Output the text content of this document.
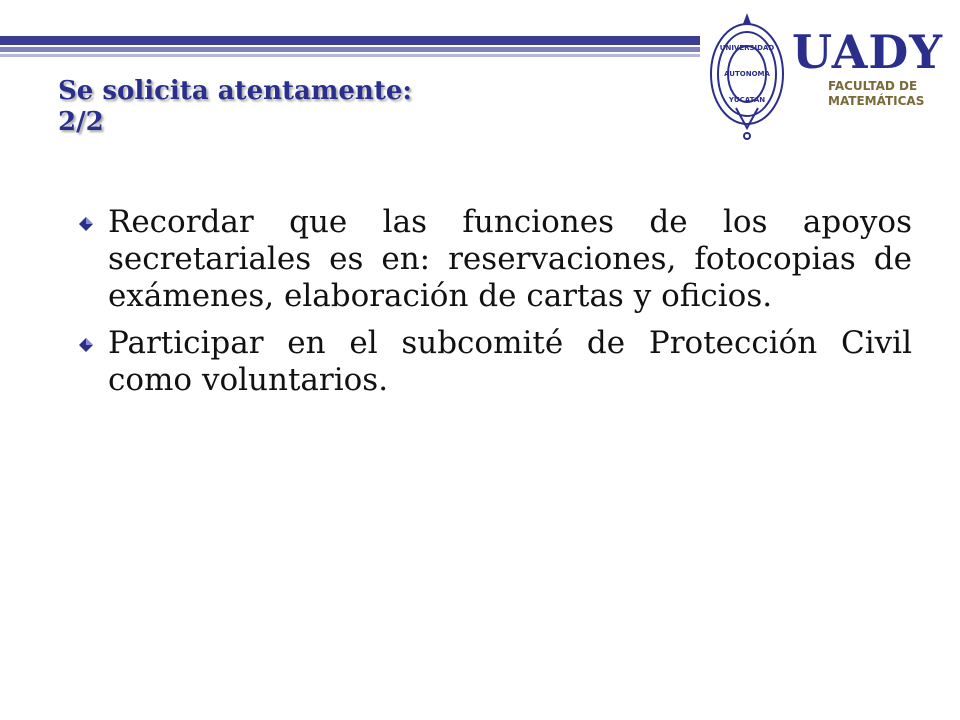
Se solicita atentamente:
2/2
UNIVERSIDAD
AUTONOMA
YUCATAN
UADY
FACULTAD DE
MATEMÁTICAS
Recordar que las funciones de los apoyos secretariales es en: reservaciones, fotocopias de exámenes, elaboración de cartas y oficios.
Participar en el subcomité de Protección Civil como voluntarios.
